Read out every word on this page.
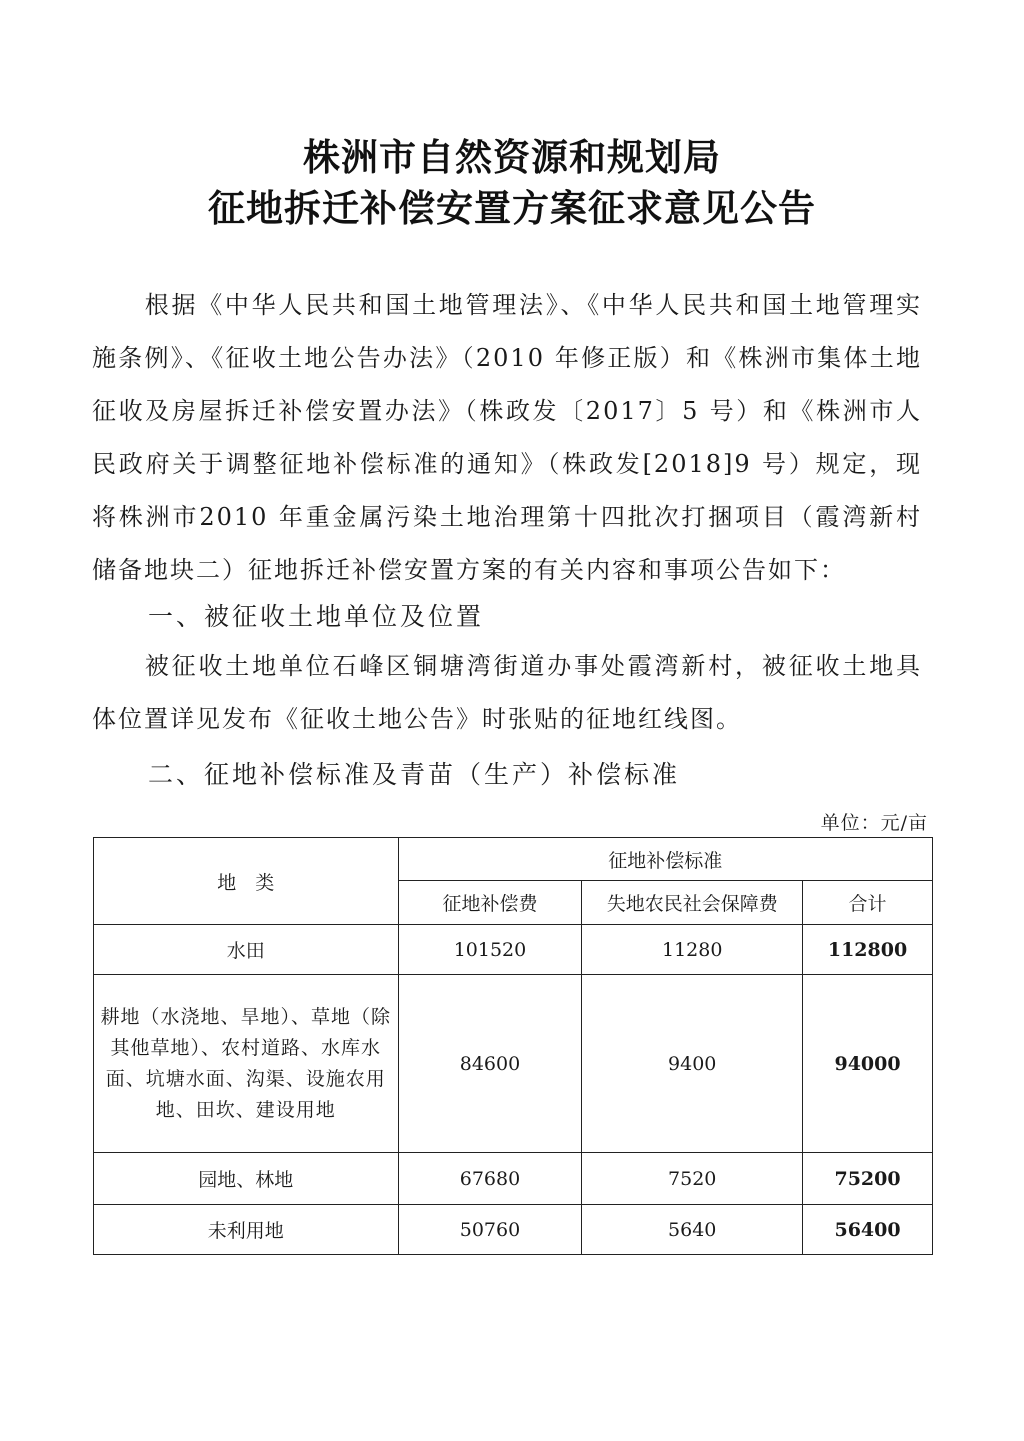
株洲市自然资源和规划局
征地拆迁补偿安置方案征求意见公告
根据《中华人民共和国土地管理法》、《中华人民共和国土地管理实施条例》、《征收土地公告办法》（2010 年修正版）和《株洲市集体土地征收及房屋拆迁补偿安置办法》（株政发〔2017〕5 号）和《株洲市人民政府关于调整征地补偿标准的通知》（株政发[2018]9 号）规定，现将株洲市2010 年重金属污染土地治理第十四批次打捆项目（霞湾新村储备地块二）征地拆迁补偿安置方案的有关内容和事项公告如下：
一、被征收土地单位及位置
被征收土地单位石峰区铜塘湾街道办事处霞湾新村，被征收土地具体位置详见发布《征收土地公告》时张贴的征地红线图。
二、征地补偿标准及青苗（生产）补偿标准
单位：元/亩
地　类	征地补偿标准		
	征地补偿费	失地农民社会保障费	合计
水田	101520	11280	112800
耕地（水浇地、旱地）、草地（除其他草地）、农村道路、水库水面、坑塘水面、沟渠、设施农用地、田坎、建设用地	84600	9400	94000
园地、林地	67680	7520	75200
未利用地	50760	5640	56400
